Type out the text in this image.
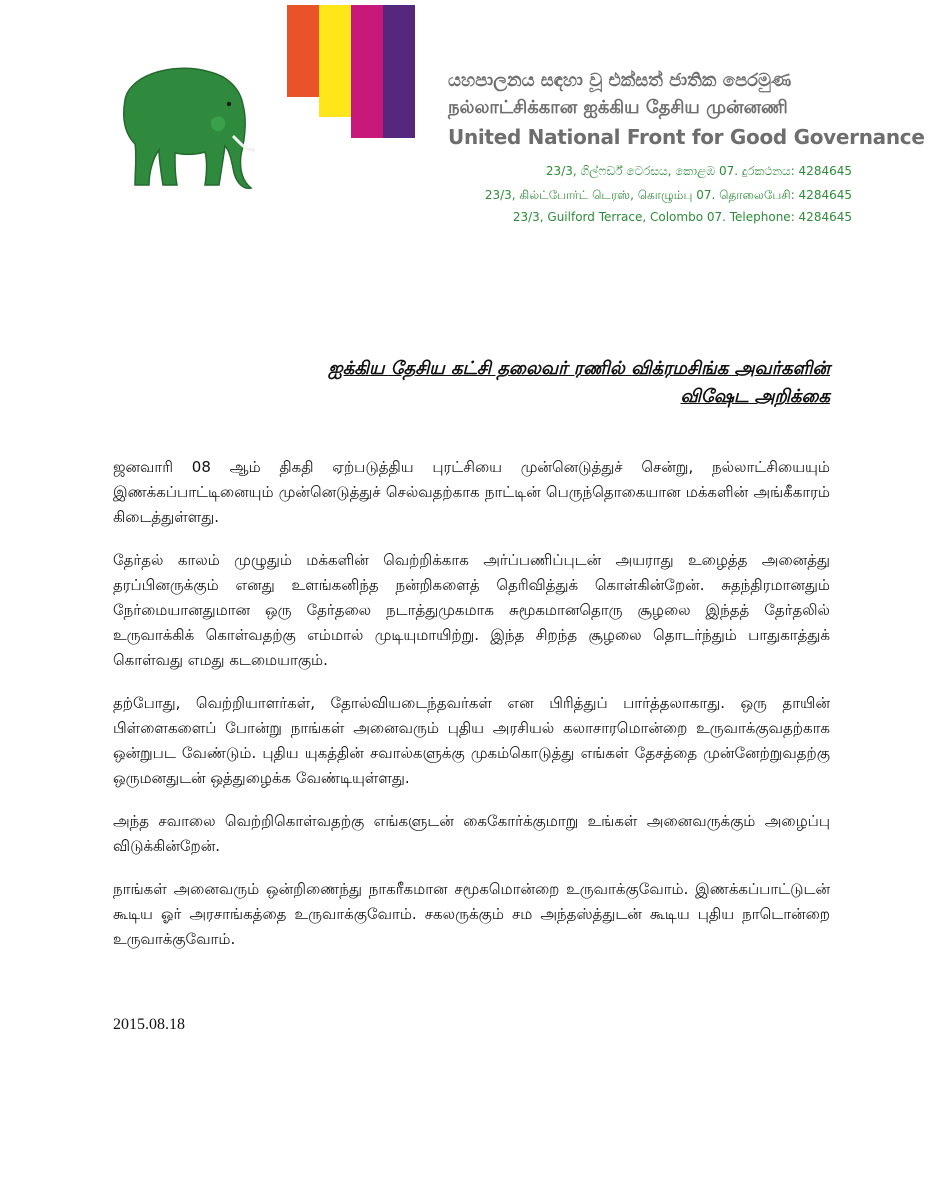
යහපාලනය සඳහා වූ එක්සත් ජාතික පෙරමුණ
நல்லாட்சிக்கான ஐக்கிய தேசிய முன்னணி
United National Front for Good Governance
23/3, ගිල්ෆර්ඩ් ටෙරසය, කොළඹ 07. දුරකථනය: 4284645
23/3, கில்ட்போர்ட் டெரஸ், கொழும்பு 07. தொலைபேசி: 4284645
23/3, Guilford Terrace, Colombo 07. Telephone: 4284645
ஐக்கிய தேசிய கட்சி தலைவர் ரணில் விக்ரமசிங்க அவர்களின்
விஷேட அறிக்கை

ஜனவாரி 08 ஆம் திகதி ஏற்படுத்திய புரட்சியை முன்னெடுத்துச் சென்று, நல்லாட்சியையும் இணக்கப்பாட்டினையும் முன்னெடுத்துச் செல்வதற்காக நாட்டின் பெருந்தொகையான மக்களின் அங்கீகாரம் கிடைத்துள்ளது.

தேர்தல் காலம் முழுதும் மக்களின் வெற்றிக்காக அர்ப்பணிப்புடன் அயராது உழைத்த அனைத்து தரப்பினருக்கும் எனது உளங்கனிந்த நன்றிகளைத் தெரிவித்துக் கொள்கின்றேன். சுதந்திரமானதும் நேர்மையானதுமான ஒரு தேர்தலை நடாத்துமுகமாக சுமூகமானதொரு சூழலை இந்தத் தேர்தலில் உருவாக்கிக் கொள்வதற்கு எம்மால் முடியுமாயிற்று. இந்த சிறந்த சூழலை தொடர்ந்தும் பாதுகாத்துக் கொள்வது எமது கடமையாகும்.

தற்போது, வெற்றியாளர்கள், தோல்வியடைந்தவர்கள் என பிரித்துப் பார்த்தலாகாது. ஒரு தாயின் பிள்ளைகளைப் போன்று நாங்கள் அனைவரும் புதிய அரசியல் கலாசாரமொன்றை உருவாக்குவதற்காக ஒன்றுபட வேண்டும். புதிய யுகத்தின் சவால்களுக்கு முகம்கொடுத்து எங்கள் தேசத்தை முன்னேற்றுவதற்கு ஒருமனதுடன் ஒத்துழைக்க வேண்டியுள்ளது.

அந்த சவாலை வெற்றிகொள்வதற்கு எங்களுடன் கைகோர்க்குமாறு உங்கள் அனைவருக்கும் அழைப்பு விடுக்கின்றேன்.

நாங்கள் அனைவரும் ஒன்றிணைந்து நாகரீகமான சமூகமொன்றை உருவாக்குவோம். இணக்கப்பாட்டுடன் கூடிய ஓர் அரசாங்கத்தை உருவாக்குவோம். சகலருக்கும் சம அந்தஸ்த்துடன் கூடிய புதிய நாடொன்றை உருவாக்குவோம்.

2015.08.18
